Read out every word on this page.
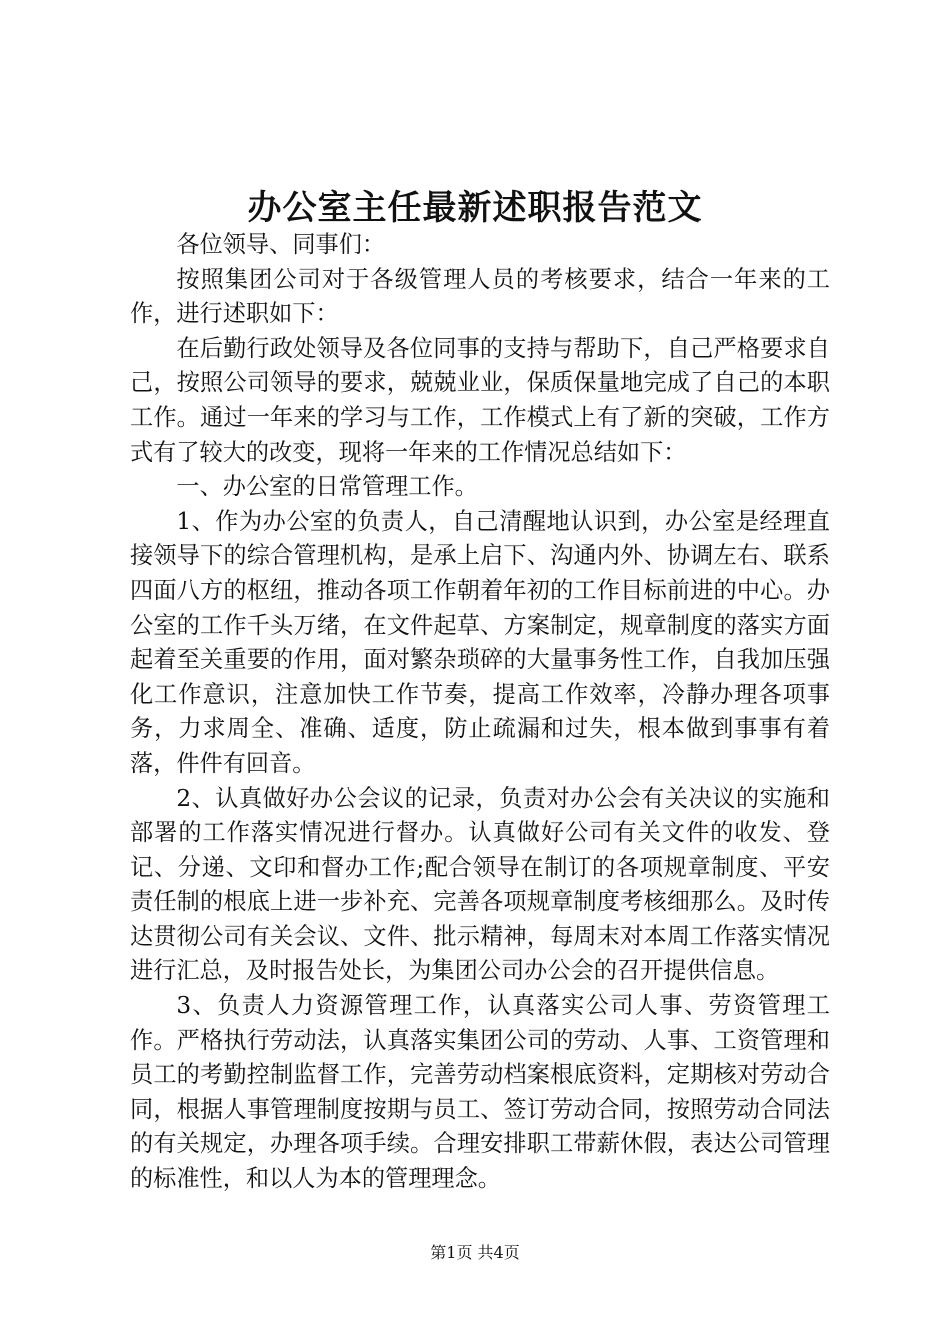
办公室主任最新述职报告范文

各位领导、同事们：

按照集团公司对于各级管理人员的考核要求，结合一年来的工作，进行述职如下：

在后勤行政处领导及各位同事的支持与帮助下，自己严格要求自己，按照公司领导的要求，兢兢业业，保质保量地完成了自己的本职工作。通过一年来的学习与工作，工作模式上有了新的突破，工作方式有了较大的改变，现将一年来的工作情况总结如下：

一、办公室的日常管理工作。

1、作为办公室的负责人，自己清醒地认识到，办公室是经理直接领导下的综合管理机构，是承上启下、沟通内外、协调左右、联系四面八方的枢纽，推动各项工作朝着年初的工作目标前进的中心。办公室的工作千头万绪，在文件起草、方案制定，规章制度的落实方面起着至关重要的作用，面对繁杂琐碎的大量事务性工作，自我加压强化工作意识，注意加快工作节奏，提高工作效率，冷静办理各项事务，力求周全、准确、适度，防止疏漏和过失，根本做到事事有着落，件件有回音。

2、认真做好办公会议的记录，负责对办公会有关决议的实施和部署的工作落实情况进行督办。认真做好公司有关文件的收发、登记、分递、文印和督办工作;配合领导在制订的各项规章制度、平安责任制的根底上进一步补充、完善各项规章制度考核细那么。及时传达贯彻公司有关会议、文件、批示精神，每周末对本周工作落实情况进行汇总，及时报告处长，为集团公司办公会的召开提供信息。

3、负责人力资源管理工作，认真落实公司人事、劳资管理工作。严格执行劳动法，认真落实集团公司的劳动、人事、工资管理和员工的考勤控制监督工作，完善劳动档案根底资料，定期核对劳动合同，根据人事管理制度按期与员工、签订劳动合同，按照劳动合同法的有关规定，办理各项手续。合理安排职工带薪休假，表达公司管理的标准性，和以人为本的管理理念。

第1页 共4页
